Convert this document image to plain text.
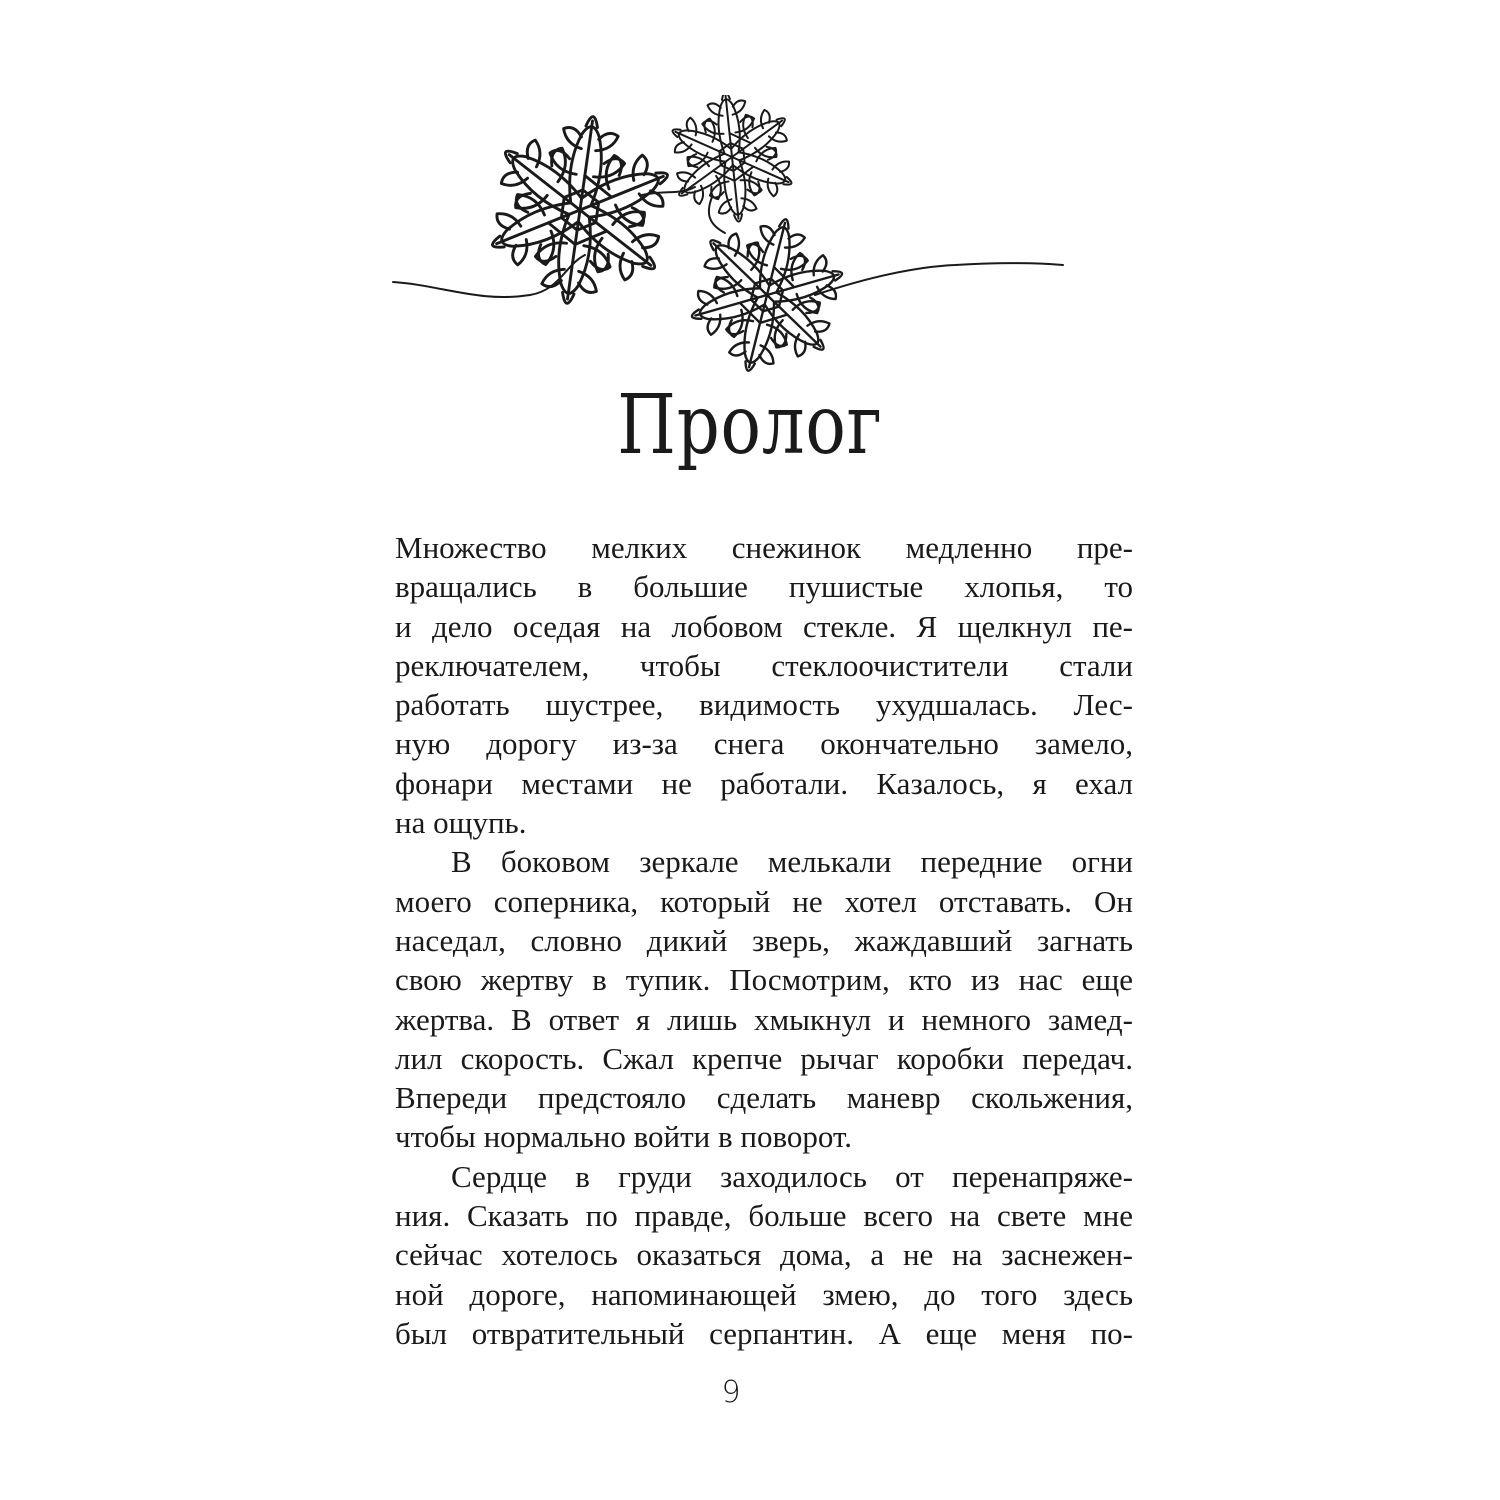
Пролог
Множество мелких снежинок медленно пре-
вращались в большие пушистые хлопья, то
и дело оседая на лобовом стекле. Я щелкнул пе-
реключателем, чтобы стеклоочистители стали
работать шустрее, видимость ухудшалась. Лес-
ную дорогу из-за снега окончательно замело,
фонари местами не работали. Казалось, я ехал
на ощупь.
В боковом зеркале мелькали передние огни
моего соперника, который не хотел отставать. Он
наседал, словно дикий зверь, жаждавший загнать
свою жертву в тупик. Посмотрим, кто из нас еще
жертва. В ответ я лишь хмыкнул и немного замед-
лил скорость. Сжал крепче рычаг коробки передач.
Впереди предстояло сделать маневр скольжения,
чтобы нормально войти в поворот.
Сердце в груди заходилось от перенапряже-
ния. Сказать по правде, больше всего на свете мне
сейчас хотелось оказаться дома, а не на заснежен-
ной дороге, напоминающей змею, до того здесь
был отвратительный серпантин. А еще меня по-
9
